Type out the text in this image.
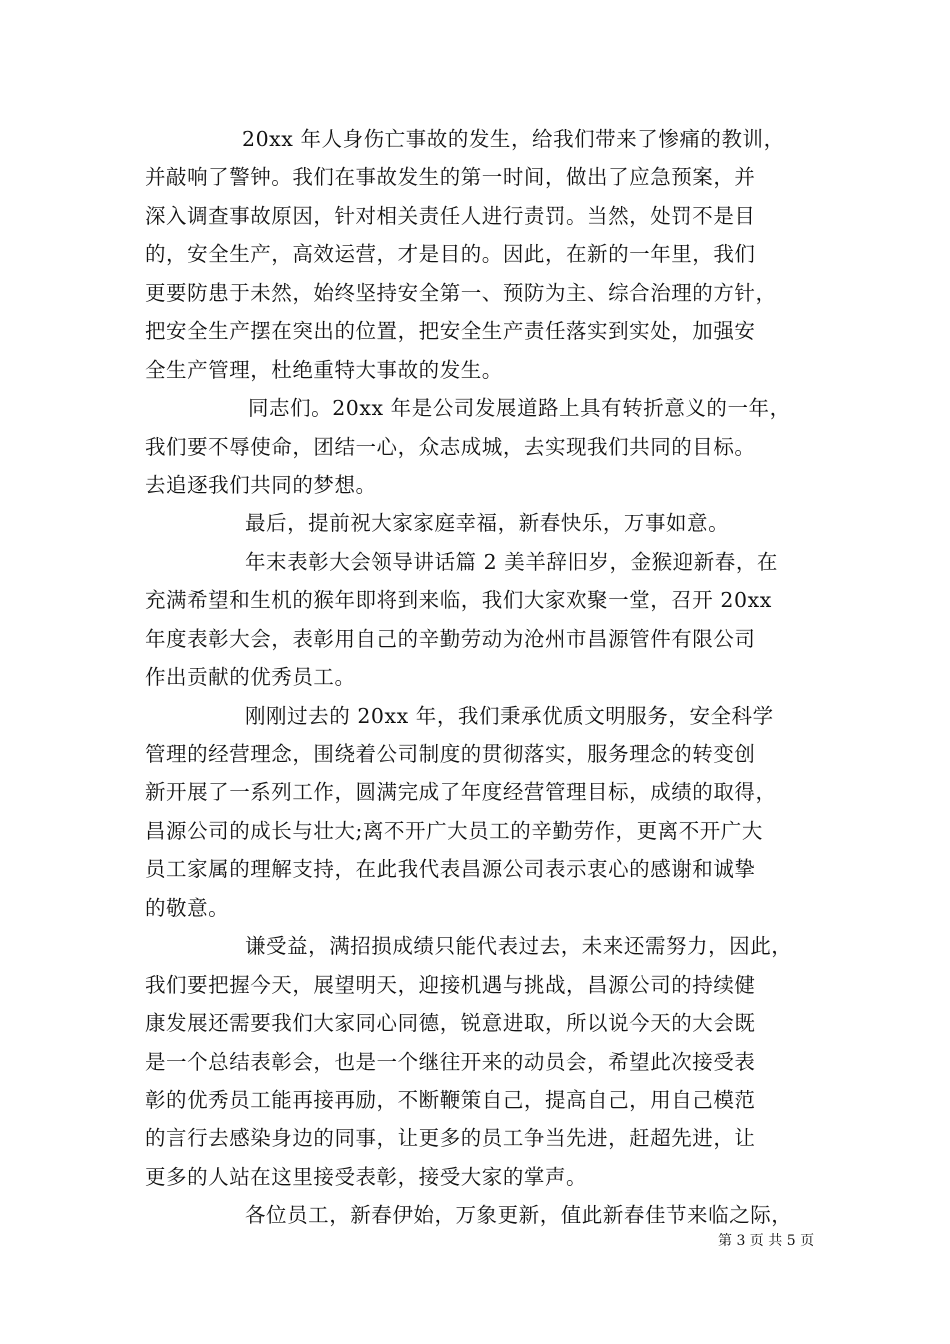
20xx 年人身伤亡事故的发生，给我们带来了惨痛的教训，
并敲响了警钟。我们在事故发生的第一时间，做出了应急预案，并
深入调查事故原因，针对相关责任人进行责罚。当然，处罚不是目
的，安全生产，高效运营，才是目的。因此，在新的一年里，我们
更要防患于未然，始终坚持安全第一、预防为主、综合治理的方针，
把安全生产摆在突出的位置，把安全生产责任落实到实处，加强安
全生产管理，杜绝重特大事故的发生。
同志们。20xx 年是公司发展道路上具有转折意义的一年，
我们要不辱使命，团结一心，众志成城，去实现我们共同的目标。
去追逐我们共同的梦想。
最后，提前祝大家家庭幸福，新春快乐，万事如意。
年末表彰大会领导讲话篇 2 美羊辞旧岁，金猴迎新春，在
充满希望和生机的猴年即将到来临，我们大家欢聚一堂，召开 20xx
年度表彰大会，表彰用自己的辛勤劳动为沧州市昌源管件有限公司
作出贡献的优秀员工。
刚刚过去的 20xx 年，我们秉承优质文明服务，安全科学
管理的经营理念，围绕着公司制度的贯彻落实，服务理念的转变创
新开展了一系列工作，圆满完成了年度经营管理目标，成绩的取得，
昌源公司的成长与壮大;离不开广大员工的辛勤劳作，更离不开广大
员工家属的理解支持，在此我代表昌源公司表示衷心的感谢和诚挚
的敬意。
谦受益，满招损成绩只能代表过去，未来还需努力，因此，
我们要把握今天，展望明天，迎接机遇与挑战，昌源公司的持续健
康发展还需要我们大家同心同德，锐意进取，所以说今天的大会既
是一个总结表彰会，也是一个继往开来的动员会，希望此次接受表
彰的优秀员工能再接再励，不断鞭策自己，提高自己，用自己模范
的言行去感染身边的同事，让更多的员工争当先进，赶超先进，让
更多的人站在这里接受表彰，接受大家的掌声。
各位员工，新春伊始，万象更新，值此新春佳节来临之际，
第 3 页 共 5 页
